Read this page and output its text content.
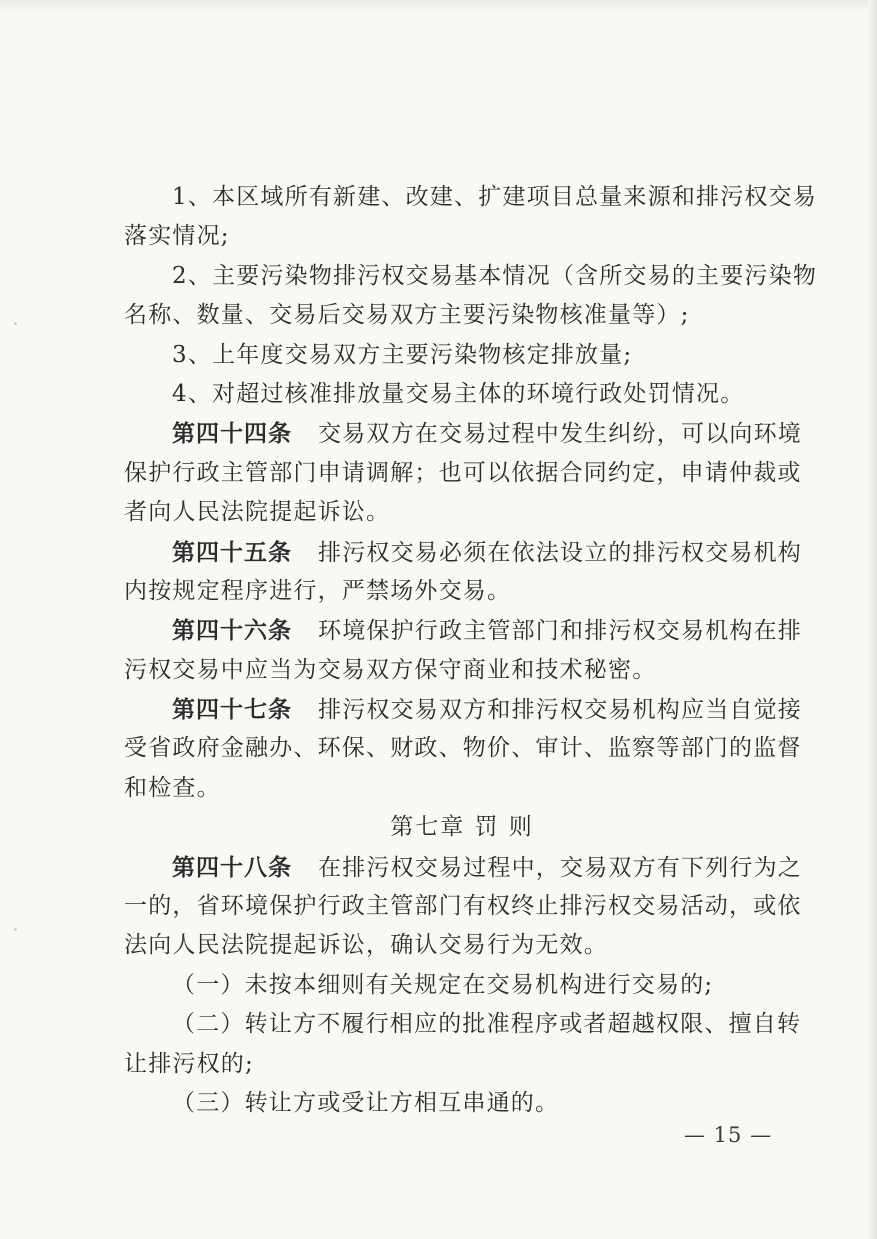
1、本区域所有新建、改建、扩建项目总量来源和排污权交易
落实情况;
2、主要污染物排污权交易基本情况（含所交易的主要污染物
名称、数量、交易后交易双方主要污染物核准量等）;
3、上年度交易双方主要污染物核定排放量;
4、对超过核准排放量交易主体的环境行政处罚情况。
第四十四条 交易双方在交易过程中发生纠纷，可以向环境
保护行政主管部门申请调解；也可以依据合同约定，申请仲裁或
者向人民法院提起诉讼。
第四十五条 排污权交易必须在依法设立的排污权交易机构
内按规定程序进行，严禁场外交易。
第四十六条 环境保护行政主管部门和排污权交易机构在排
污权交易中应当为交易双方保守商业和技术秘密。
第四十七条 排污权交易双方和排污权交易机构应当自觉接
受省政府金融办、环保、财政、物价、审计、监察等部门的监督
和检查。
第七章 罚 则
第四十八条 在排污权交易过程中，交易双方有下列行为之
一的，省环境保护行政主管部门有权终止排污权交易活动，或依
法向人民法院提起诉讼，确认交易行为无效。
（一）未按本细则有关规定在交易机构进行交易的;
（二）转让方不履行相应的批准程序或者超越权限、擅自转
让排污权的;
（三）转让方或受让方相互串通的。
— 15 —
